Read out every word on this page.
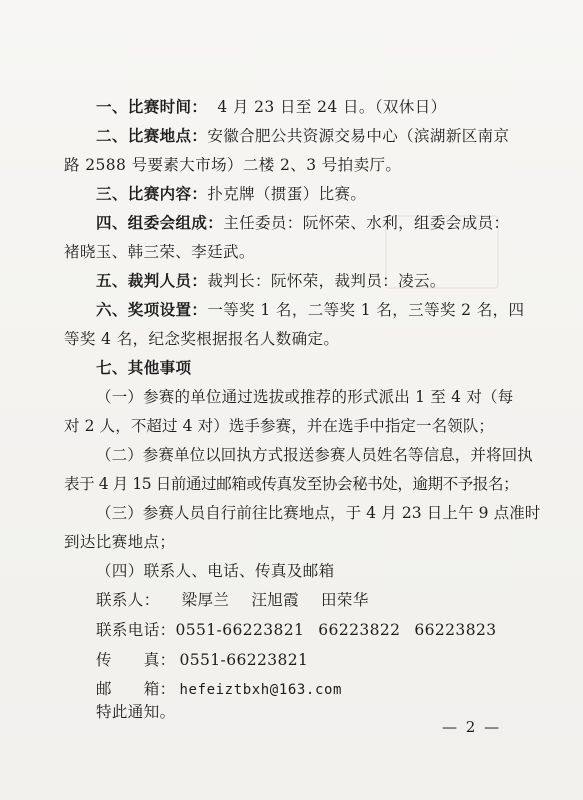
一、比赛时间： 4 月 23 日至 24 日。（双休日）
二、比赛地点：安徽合肥公共资源交易中心（滨湖新区南京
路 2588 号要素大市场）二楼 2、3 号拍卖厅。
三、比赛内容：扑克牌（掼蛋）比赛。
四、组委会组成：主任委员：阮怀荣、水利，组委会成员：
褚晓玉、韩三荣、李廷武。
五、裁判人员：裁判长：阮怀荣，裁判员：凌云。
六、奖项设置：一等奖 1 名，二等奖 1 名，三等奖 2 名，四
等奖 4 名，纪念奖根据报名人数确定。
七、其他事项
（一）参赛的单位通过选拔或推荐的形式派出 1 至 4 对（每
对 2 人，不超过 4 对）选手参赛，并在选手中指定一名领队；
（二）参赛单位以回执方式报送参赛人员姓名等信息，并将回执
表于 4 月 15 日前通过邮箱或传真发至协会秘书处，逾期不予报名；
（三）参赛人员自行前往比赛地点，于 4 月 23 日上午 9 点准时
到达比赛地点；
（四）联系人、电话、传真及邮箱
联系人： 梁厚兰 汪旭霞 田荣华
联系电话：0551-66223821 66223822 66223823
传　　真： 0551-66223821
邮　　箱： hefeiztbxh@163.com
特此通知。
— 2 —
